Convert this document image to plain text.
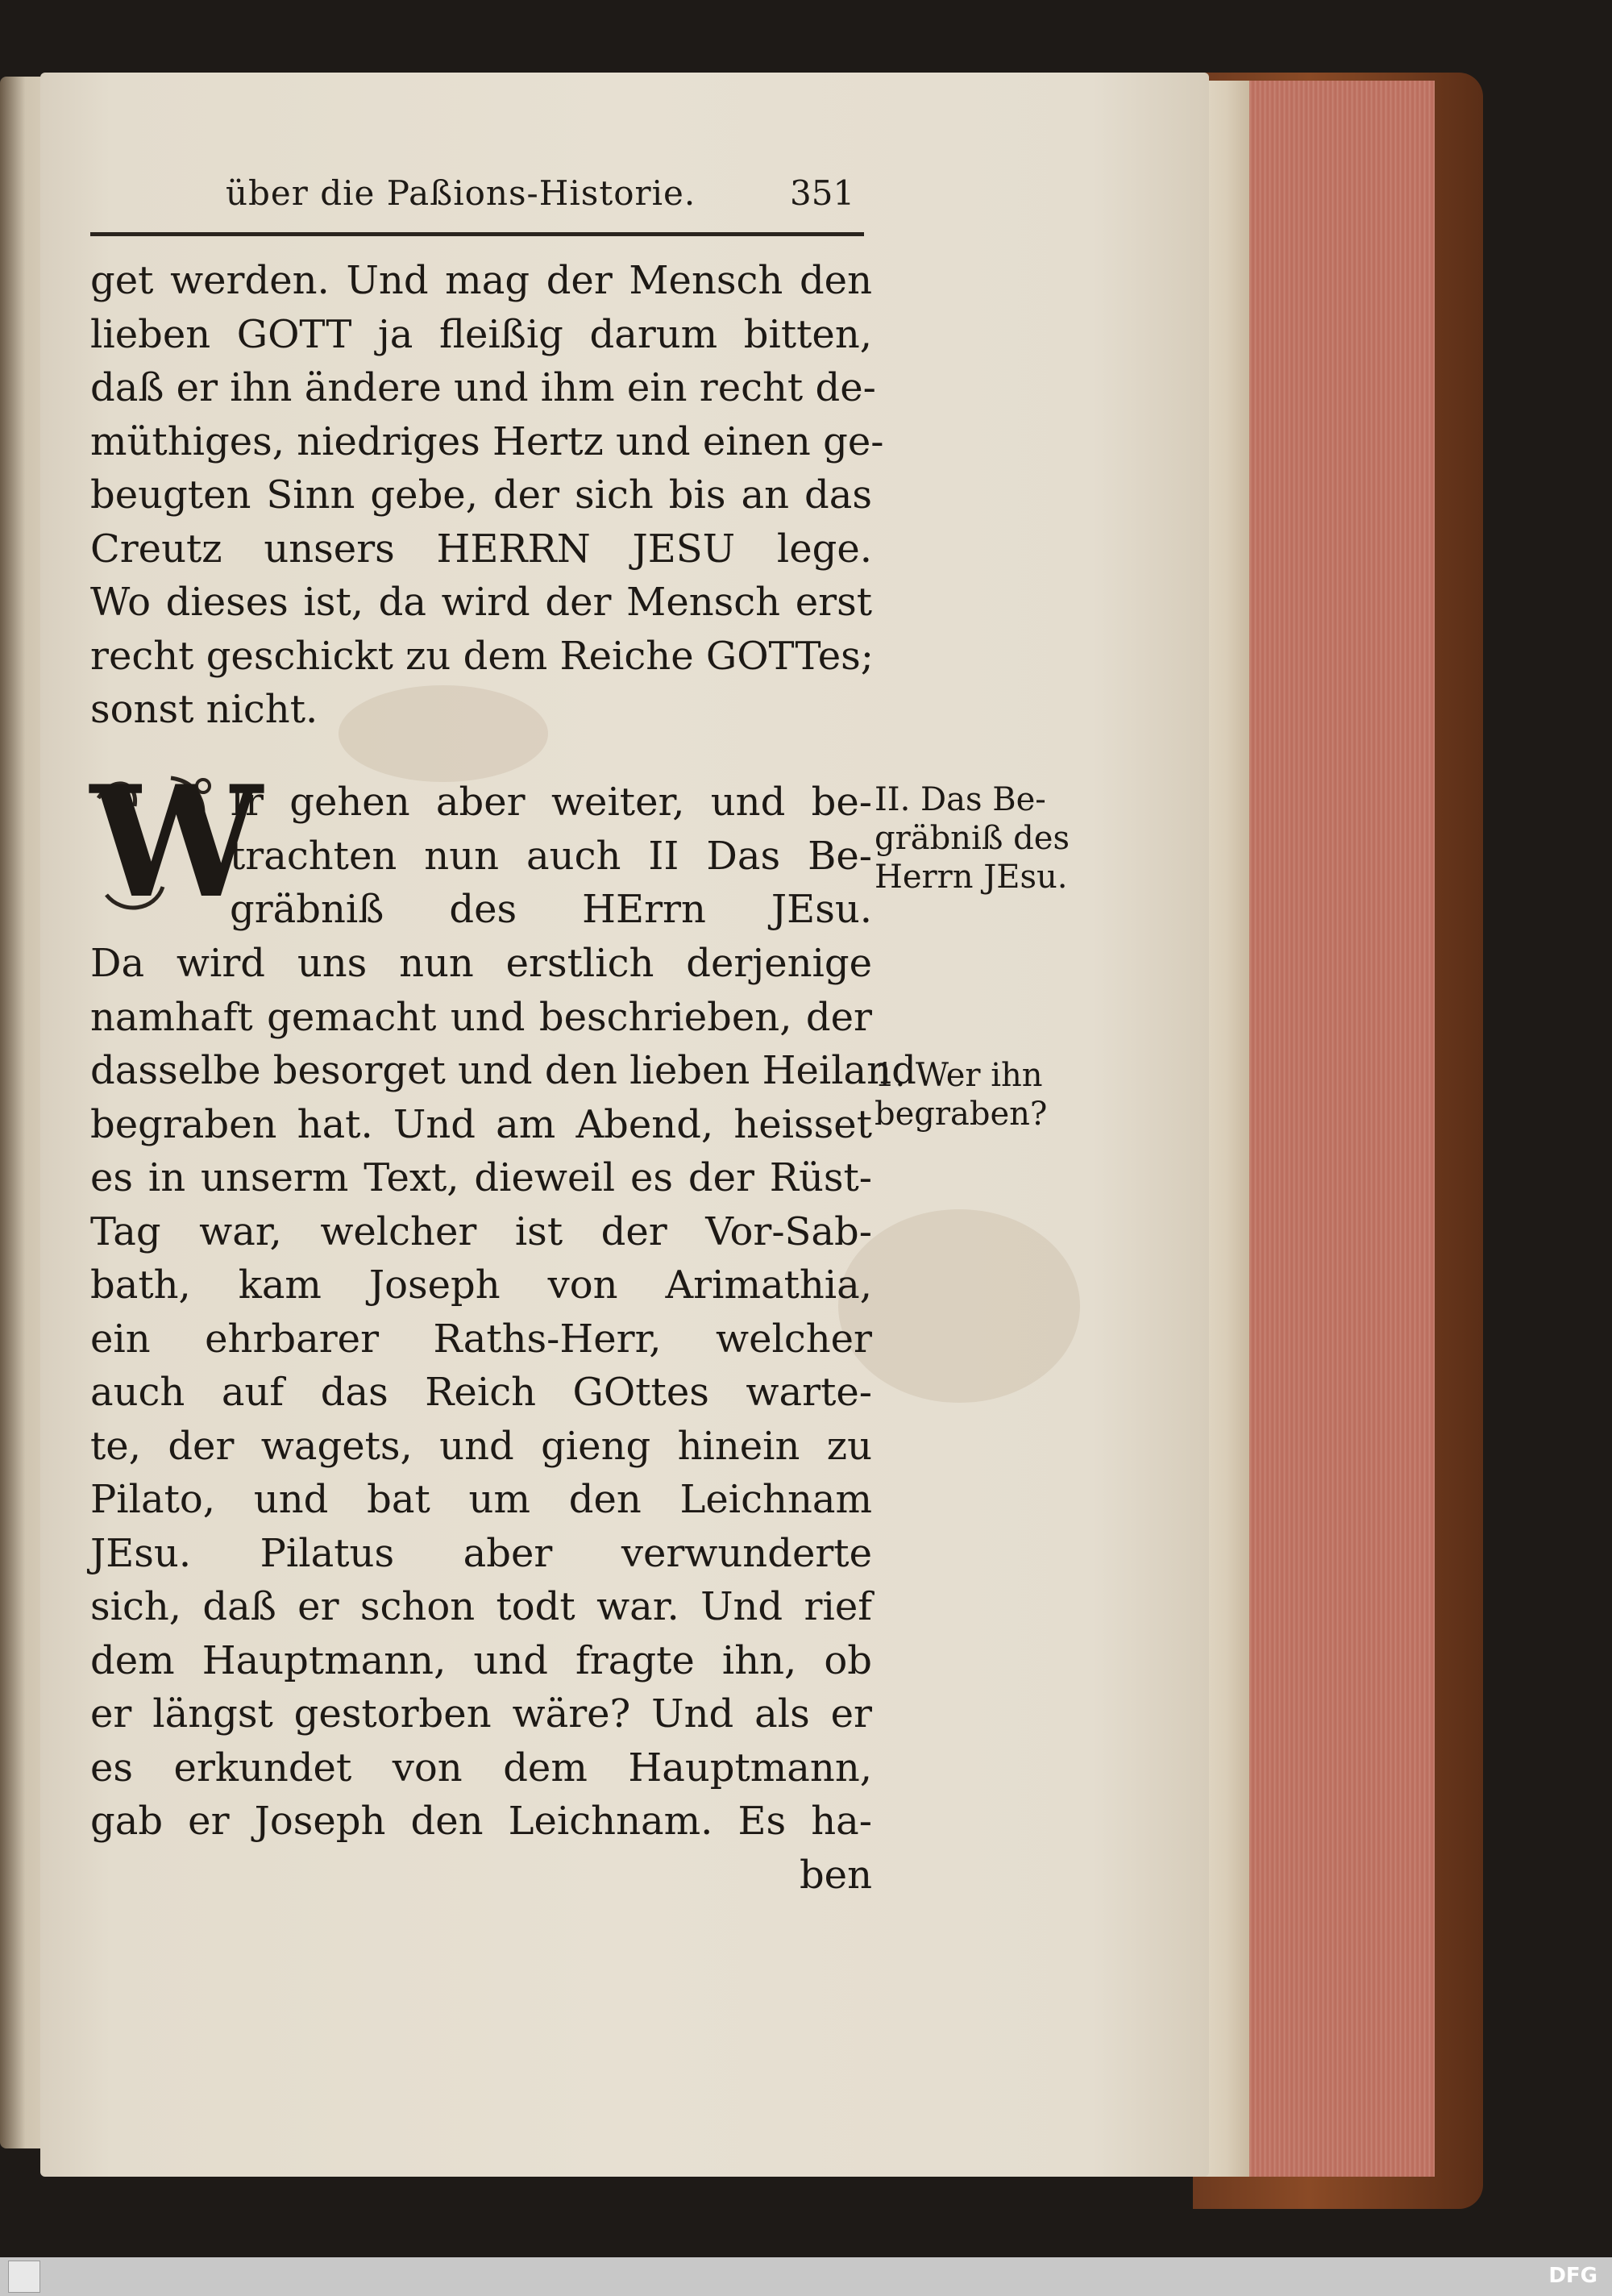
über die Paßions-Historie.	351
get werden. Und mag der Mensch den
lieben GOTT ja fleißig darum bitten,
daß er ihn ändere und ihm ein recht de-
müthiges, niedriges Hertz und einen ge-
beugten Sinn gebe, der sich bis an das
Creutz unsers HERRN JESU lege.
Wo dieses ist, da wird der Mensch erst
recht geschickt zu dem Reiche GOTTes;
sonst nicht.
W
Ir gehen aber weiter, und be-
trachten nun auch II Das Be-
gräbniß des HErrn JEsu.
Da wird uns nun erstlich derjenige
namhaft gemacht und beschrieben, der
dasselbe besorget und den lieben Heiland
begraben hat. Und am Abend, heisset
es in unserm Text, dieweil es der Rüst-
Tag war, welcher ist der Vor-Sab-
bath, kam Joseph von Arimathia,
ein ehrbarer Raths-Herr, welcher
auch auf das Reich GOttes warte-
te, der wagets, und gieng hinein zu
Pilato, und bat um den Leichnam
JEsu. Pilatus aber verwunderte
sich, daß er schon todt war. Und rief
dem Hauptmann, und fragte ihn, ob
er längst gestorben wäre? Und als er
es erkundet von dem Hauptmann,
gab er Joseph den Leichnam. Es ha-
ben
II. Das Be-
gräbniß des
Herrn JEsu.
1. Wer ihn
begraben?
DFG
